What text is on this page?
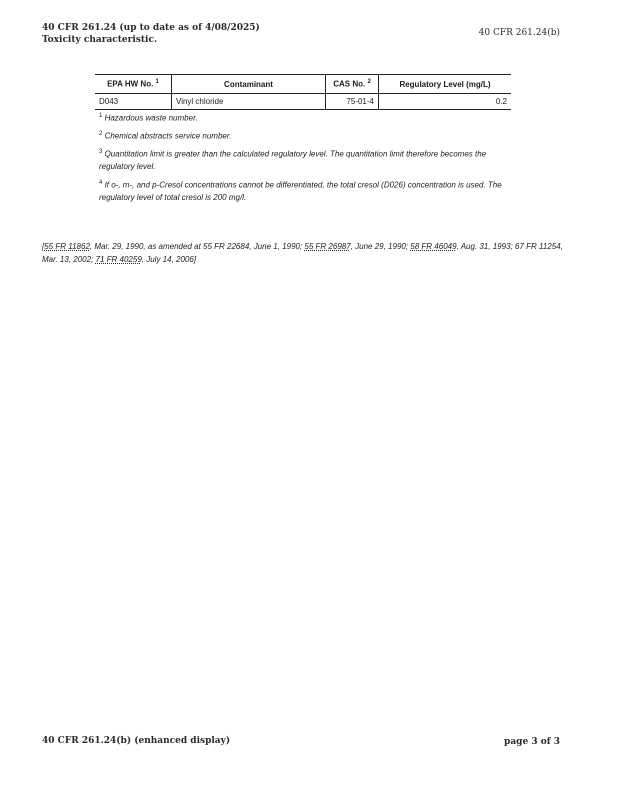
40 CFR 261.24 (up to date as of 4/08/2025)
Toxicity characteristic.
40 CFR 261.24(b)
EPA HW No. $^1$	Contaminant	CAS No. $^2$	Regulatory Level (mg/L)
D043	Vinyl chloride	75-01-4	0.2

$^1$ Hazardous waste number.

$^2$ Chemical abstracts service number.

$^3$ Quantitation limit is greater than the calculated regulatory level. The quantitation limit therefore becomes the regulatory level.

$^4$ If o-, m-, and p-Cresol concentrations cannot be differentiated, the total cresol (D026) concentration is used. The regulatory level of total cresol is 200 mg/l.

[55 FR 11862, Mar. 29, 1990, as amended at 55 FR 22684, June 1, 1990; 55 FR 26987, June 29, 1990; 58 FR 46049, Aug. 31, 1993; 67 FR 11254, Mar. 13, 2002; 71 FR 40259, July 14, 2006]
40 CFR 261.24(b) (enhanced display)	page 3 of 3
